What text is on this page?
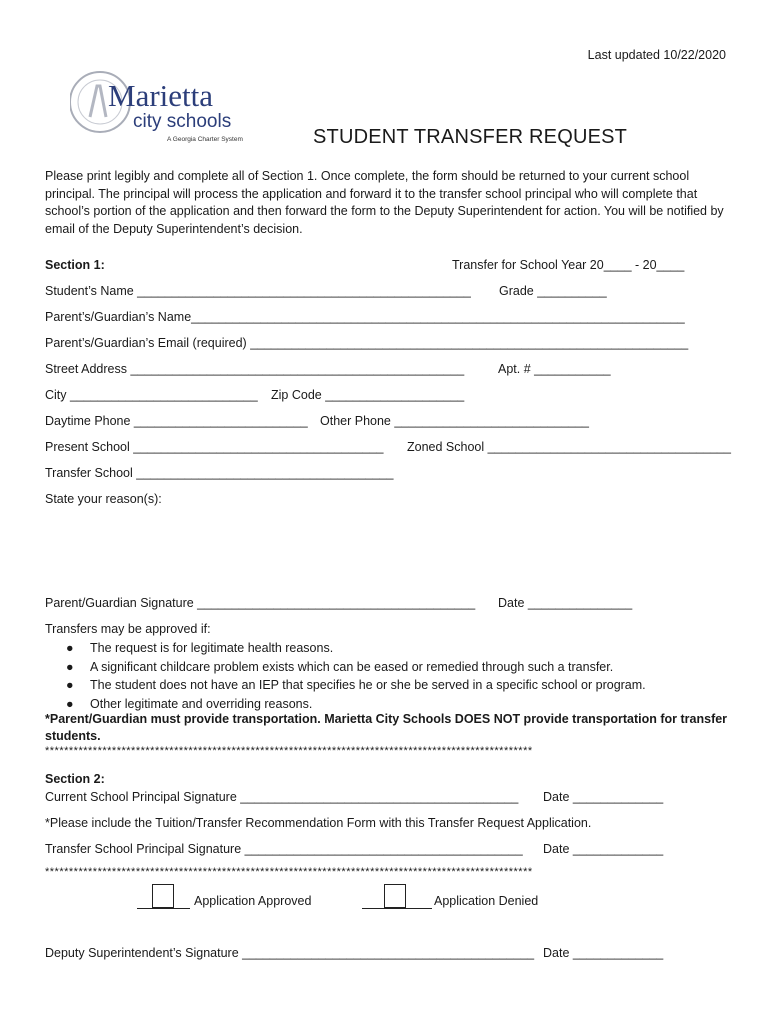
Last updated 10/22/2020
Marietta
city schools
A Georgia Charter System	STUDENT TRANSFER REQUEST
Please print legibly and complete all of Section 1. Once complete, the form should be returned to your current school principal. The principal will process the application and forward it to the transfer school principal who will complete that school’s portion of the application and then forward the form to the Deputy Superintendent for action. You will be notified by email of the Deputy Superintendent’s decision.
Section 1:	Transfer for School Year 20____ - 20____
Student’s Name ________________________________________________ Grade __________
Parent’s/Guardian’s Name_______________________________________________________________________
Parent’s/Guardian’s Email (required) _______________________________________________________________
Street Address ________________________________________________	Apt. # ___________
City ___________________________ Zip Code ____________________
Daytime Phone _________________________ Other Phone ____________________________
Present School ____________________________________ Zoned School ___________________________________
Transfer School _____________________________________
State your reason(s):
Parent/Guardian Signature ________________________________________ Date _______________
Transfers may be approved if:
● The request is for legitimate health reasons.
● A significant childcare problem exists which can be eased or remedied through such a transfer.
● The student does not have an IEP that specifies he or she be served in a specific school or program.
● Other legitimate and overriding reasons.
*Parent/Guardian must provide transportation. Marietta City Schools DOES NOT provide transportation for transfer
students.
******************************************************************************************************
Section 2:
Current School Principal Signature ________________________________________ Date _____________
*Please include the Tuition/Transfer Recommendation Form with this Transfer Request Application.
Transfer School Principal Signature ________________________________________ Date _____________
******************************************************************************************************
Application Approved	Application Denied
Deputy Superintendent’s Signature __________________________________________ Date _____________
